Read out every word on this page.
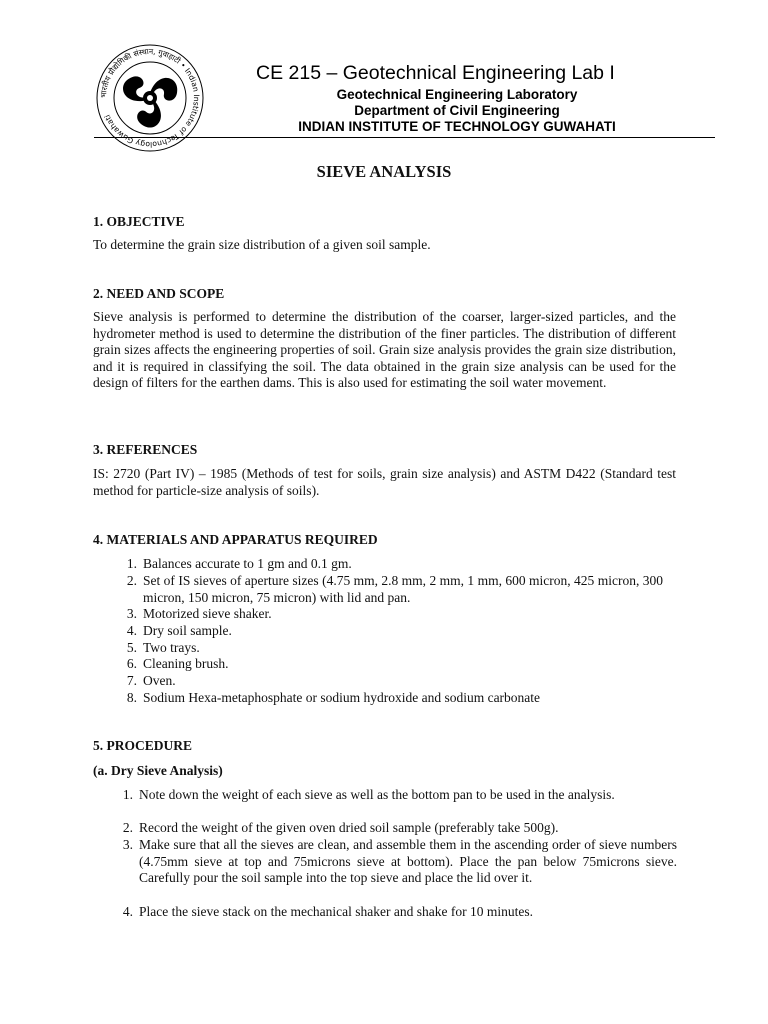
भारतीय प्रौद्योगिकी संस्थान, गुवाहाटी • Indian Institute of Technology Guwahati
CE 215 – Geotechnical Engineering Lab I
Geotechnical Engineering Laboratory
Department of Civil Engineering
INDIAN INSTITUTE OF TECHNOLOGY GUWAHATI
SIEVE ANALYSIS
1. OBJECTIVE
To determine the grain size distribution of a given soil sample.
2. NEED AND SCOPE
Sieve analysis is performed to determine the distribution of the coarser, larger-sized particles, and the hydrometer method is used to determine the distribution of the finer particles. The distribution of different grain sizes affects the engineering properties of soil. Grain size analysis provides the grain size distribution, and it is required in classifying the soil. The data obtained in the grain size analysis can be used for the design of filters for the earthen dams. This is also used for estimating the soil water movement.
3. REFERENCES
IS: 2720 (Part IV) – 1985 (Methods of test for soils, grain size analysis) and ASTM D422 (Standard test method for particle-size analysis of soils).
4. MATERIALS AND APPARATUS REQUIRED
1. Balances accurate to 1 gm and 0.1 gm.
2. Set of IS sieves of aperture sizes (4.75 mm, 2.8 mm, 2 mm, 1 mm, 600 micron, 425 micron, 300 micron, 150 micron, 75 micron) with lid and pan.
3. Motorized sieve shaker.
4. Dry soil sample.
5. Two trays.
6. Cleaning brush.
7. Oven.
8. Sodium Hexa-metaphosphate or sodium hydroxide and sodium carbonate
5. PROCEDURE
(a. Dry Sieve Analysis)
1. Note down the weight of each sieve as well as the bottom pan to be used in the analysis.
2. Record the weight of the given oven dried soil sample (preferably take 500g).
3. Make sure that all the sieves are clean, and assemble them in the ascending order of sieve numbers (4.75mm sieve at top and 75microns sieve at bottom). Place the pan below 75microns sieve. Carefully pour the soil sample into the top sieve and place the lid over it.
4. Place the sieve stack on the mechanical shaker and shake for 10 minutes.
